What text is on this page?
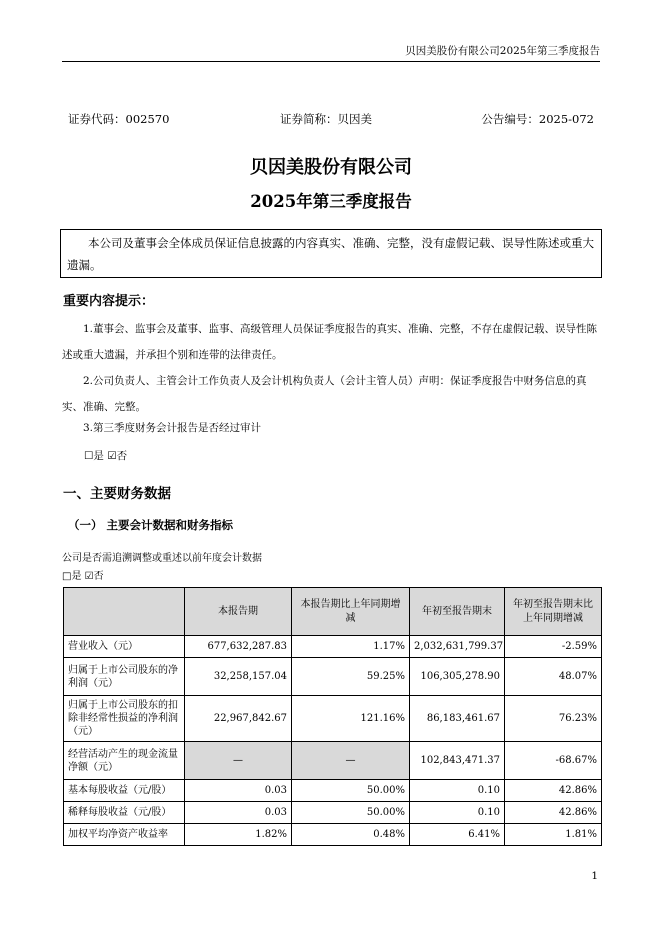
贝因美股份有限公司2025年第三季度报告
证券代码：002570	证券简称：贝因美	公告编号：2025-072
贝因美股份有限公司
2025年第三季度报告

本公司及董事会全体成员保证信息披露的内容真实、准确、完整，没有虚假记载、误导性陈述或重大遗漏。

重要内容提示：
1.董事会、监事会及董事、监事、高级管理人员保证季度报告的真实、准确、完整，不存在虚假记载、误导性陈述或重大遗漏，并承担个别和连带的法律责任。
2.公司负责人、主管会计工作负责人及会计机构负责人（会计主管人员）声明：保证季度报告中财务信息的真实、准确、完整。
3.第三季度财务会计报告是否经过审计
☐是 ☑否
一、主要财务数据
（一） 主要会计数据和财务指标
公司是否需追溯调整或重述以前年度会计数据
□是 ☑否
	本报告期	本报告期比上年同期增减	年初至报告期末	年初至报告期末比上年同期增减
营业收入（元）	677,632,287.83	1.17%	2,032,631,799.37	-2.59%
归属于上市公司股东的净利润（元）	32,258,157.04	59.25%	106,305,278.90	48.07%
归属于上市公司股东的扣除非经常性损益的净利润（元）	22,967,842.67	121.16%	86,183,461.67	76.23%
经营活动产生的现金流量净额（元）	—	—	102,843,471.37	-68.67%
基本每股收益（元/股）	0.03	50.00%	0.10	42.86%
稀释每股收益（元/股）	0.03	50.00%	0.10	42.86%
加权平均净资产收益率	1.82%	0.48%	6.41%	1.81%
1
